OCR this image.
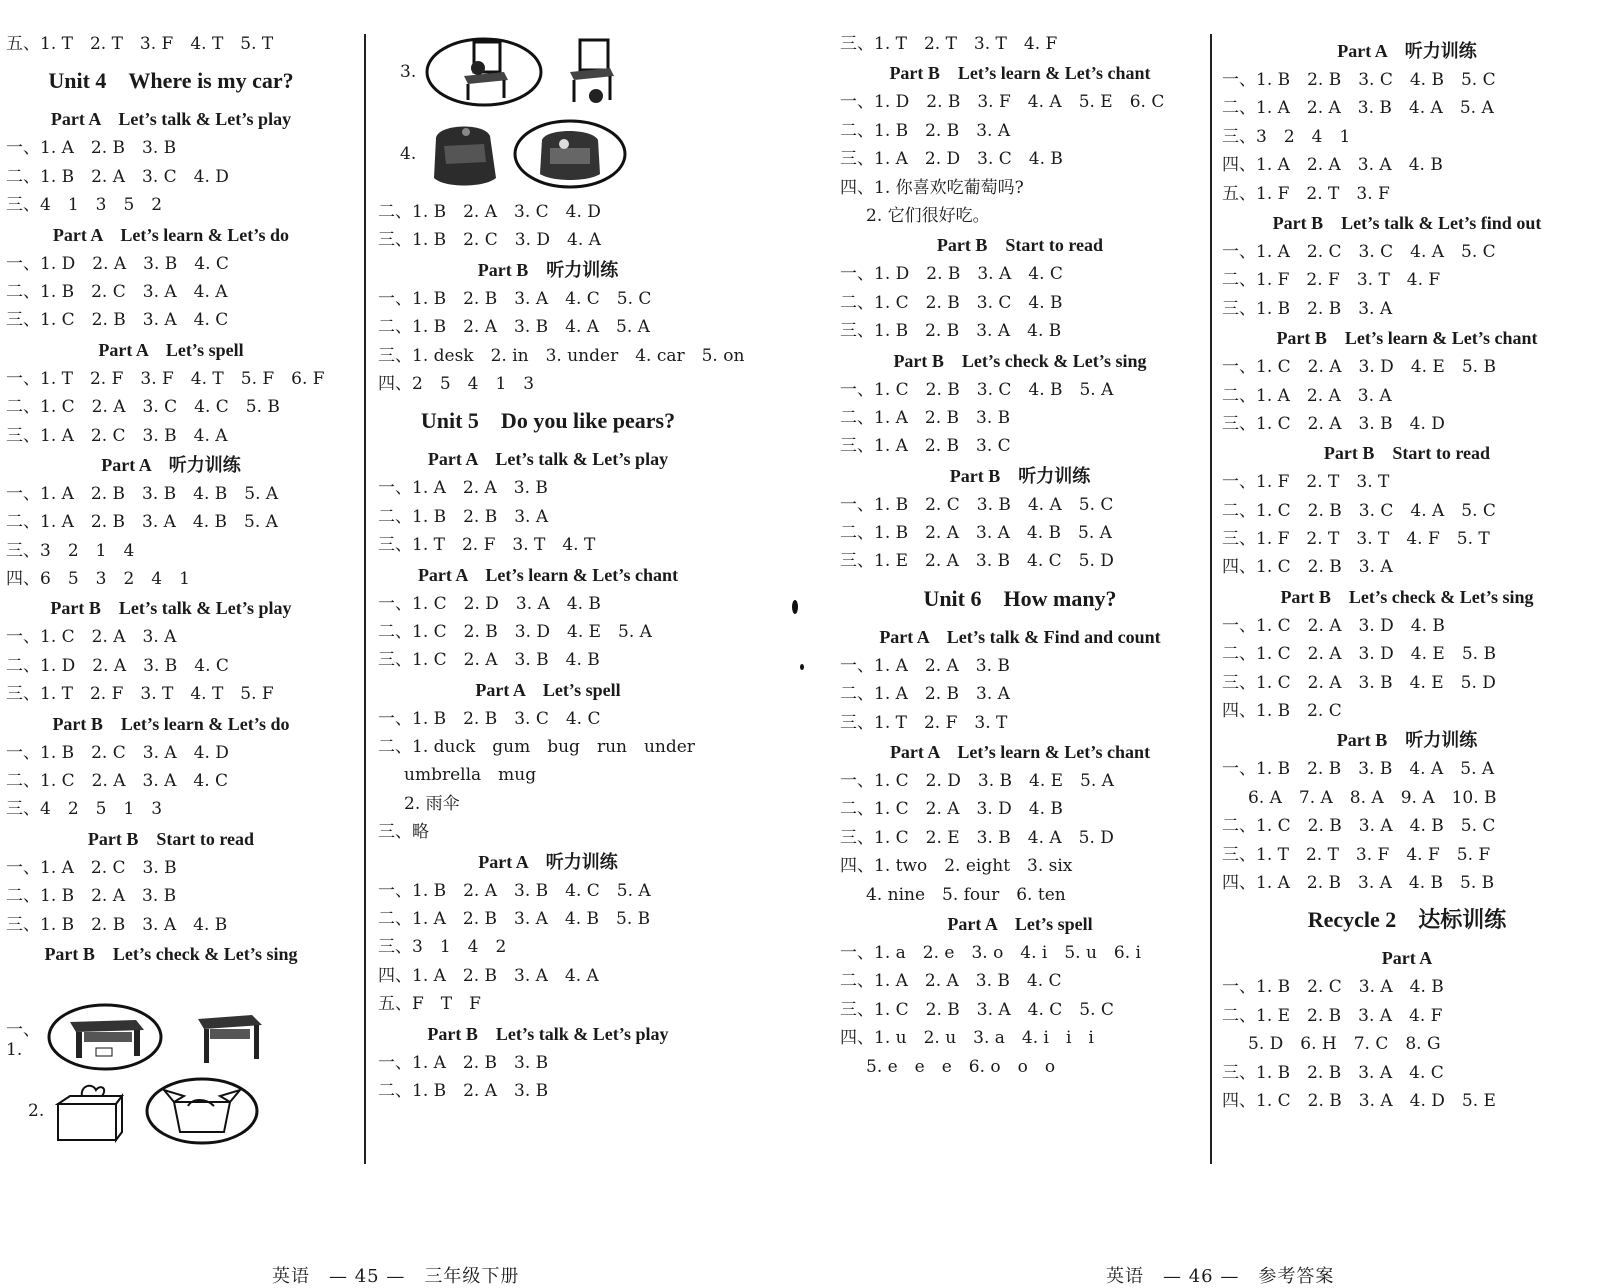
五、1. T　2. T　3. F　4. T　5. T
Unit 4　Where is my car?
Part A　Let’s talk & Let’s play
一、1. A　2. B　3. B
二、1. B　2. A　3. C　4. D
三、4　1　3　5　2
Part A　Let’s learn & Let’s do
一、1. D　2. A　3. B　4. C
二、1. B　2. C　3. A　4. A
三、1. C　2. B　3. A　4. C
Part A　Let’s spell
一、1. T　2. F　3. F　4. T　5. F　6. F
二、1. C　2. A　3. C　4. C　5. B
三、1. A　2. C　3. B　4. A
Part A　听力训练
一、1. A　2. B　3. B　4. B　5. A
二、1. A　2. B　3. A　4. B　5. A
三、3　2　1　4
四、6　5　3　2　4　1
Part B　Let’s talk & Let’s play
一、1. C　2. A　3. A
二、1. D　2. A　3. B　4. C
三、1. T　2. F　3. T　4. T　5. F
Part B　Let’s learn & Let’s do
一、1. B　2. C　3. A　4. D
二、1. C　2. A　3. A　4. C
三、4　2　5　1　3
Part B　Start to read
一、1. A　2. C　3. B
二、1. B　2. A　3. B
三、1. B　2. B　3. A　4. B
Part B　Let’s check & Let’s sing
一、1.
2.
3.
4.
二、1. B　2. A　3. C　4. D
三、1. B　2. C　3. D　4. A
Part B　听力训练
一、1. B　2. B　3. A　4. C　5. C
二、1. B　2. A　3. B　4. A　5. A
三、1. desk　2. in　3. under　4. car　5. on
四、2　5　4　1　3
Unit 5　Do you like pears?
Part A　Let’s talk & Let’s play
一、1. A　2. A　3. B
二、1. B　2. B　3. A
三、1. T　2. F　3. T　4. T
Part A　Let’s learn & Let’s chant
一、1. C　2. D　3. A　4. B
二、1. C　2. B　3. D　4. E　5. A
三、1. C　2. A　3. B　4. B
Part A　Let’s spell
一、1. B　2. B　3. C　4. C
二、1. duck　gum　bug　run　under
umbrella　mug
2. 雨伞
三、略
Part A　听力训练
一、1. B　2. A　3. B　4. C　5. A
二、1. A　2. B　3. A　4. B　5. B
三、3　1　4　2
四、1. A　2. B　3. A　4. A
五、F　T　F
Part B　Let’s talk & Let’s play
一、1. A　2. B　3. B
二、1. B　2. A　3. B
英语　— 45 —　三年级下册
三、1. T　2. T　3. T　4. F
Part B　Let’s learn & Let’s chant
一、1. D　2. B　3. F　4. A　5. E　6. C
二、1. B　2. B　3. A
三、1. A　2. D　3. C　4. B
四、1. 你喜欢吃葡萄吗?
2. 它们很好吃。
Part B　Start to read
一、1. D　2. B　3. A　4. C
二、1. C　2. B　3. C　4. B
三、1. B　2. B　3. A　4. B
Part B　Let’s check & Let’s sing
一、1. C　2. B　3. C　4. B　5. A
二、1. A　2. B　3. B
三、1. A　2. B　3. C
Part B　听力训练
一、1. B　2. C　3. B　4. A　5. C
二、1. B　2. A　3. A　4. B　5. A
三、1. E　2. A　3. B　4. C　5. D
Unit 6　How many?
Part A　Let’s talk & Find and count
一、1. A　2. A　3. B
二、1. A　2. B　3. A
三、1. T　2. F　3. T
Part A　Let’s learn & Let’s chant
一、1. C　2. D　3. B　4. E　5. A
二、1. C　2. A　3. D　4. B
三、1. C　2. E　3. B　4. A　5. D
四、1. two　2. eight　3. six
4. nine　5. four　6. ten
Part A　Let’s spell
一、1. a　2. e　3. o　4. i　5. u　6. i
二、1. A　2. A　3. B　4. C
三、1. C　2. B　3. A　4. C　5. C
四、1. u　2. u　3. a　4. i　i　i
5. e　e　e　6. o　o　o
Part A　听力训练
一、1. B　2. B　3. C　4. B　5. C
二、1. A　2. A　3. B　4. A　5. A
三、3　2　4　1
四、1. A　2. A　3. A　4. B
五、1. F　2. T　3. F
Part B　Let’s talk & Let’s find out
一、1. A　2. C　3. C　4. A　5. C
二、1. F　2. F　3. T　4. F
三、1. B　2. B　3. A
Part B　Let’s learn & Let’s chant
一、1. C　2. A　3. D　4. E　5. B
二、1. A　2. A　3. A
三、1. C　2. A　3. B　4. D
Part B　Start to read
一、1. F　2. T　3. T
二、1. C　2. B　3. C　4. A　5. C
三、1. F　2. T　3. T　4. F　5. T
四、1. C　2. B　3. A
Part B　Let’s check & Let’s sing
一、1. C　2. A　3. D　4. B
二、1. C　2. A　3. D　4. E　5. B
三、1. C　2. A　3. B　4. E　5. D
四、1. B　2. C
Part B　听力训练
一、1. B　2. B　3. B　4. A　5. A
6. A　7. A　8. A　9. A　10. B
二、1. C　2. B　3. A　4. B　5. C
三、1. T　2. T　3. F　4. F　5. F
四、1. A　2. B　3. A　4. B　5. B
Recycle 2　达标训练
Part A
一、1. B　2. C　3. A　4. B
二、1. E　2. B　3. A　4. F
5. D　6. H　7. C　8. G
三、1. B　2. B　3. A　4. C
四、1. C　2. B　3. A　4. D　5. E
英语　— 46 —　参考答案
